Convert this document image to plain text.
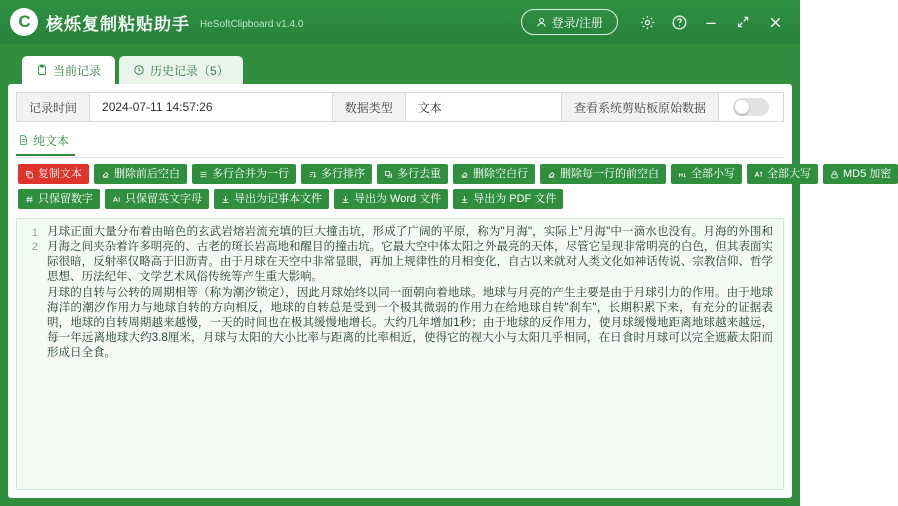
C 核烁复制粘贴助手 HeSoftClipboard v1.4.0	登录/注册
当前记录	历史记录（5）
记录时间	2024-07-11 14:57:26	数据类型	文本	查看系统剪贴板原始数据
纯文本
复制文本	删除前后空白	多行合并为一行	多行排序	多行去重	删除空白行	删除每一行的前空白	全部小写	全部大写	MD5 加密
只保留数字	只保留英文字母	导出为记事本文件	导出为 Word 文件	导出为 PDF 文件
1
2

月球正面大量分布着由暗色的玄武岩熔岩流充填的巨大撞击坑，形成了广阔的平原，称为"月海"，实际上"月海"中一滴水也没有。月海的外围和月海之间夹杂着许多明亮的、古老的斑长岩高地和醒目的撞击坑。它最大空中体太阳之外最亮的天体，尽管它呈现非常明亮的白色，但其表面实际很暗，反射率仅略高于旧沥青。由于月球在天空中非常显眼，再加上规律性的月相变化，自古以来就对人类文化如神话传说、宗教信仰、哲学思想、历法纪年、文学艺术风俗传统等产生重大影响。

月球的自转与公转的周期相等（称为潮汐锁定），因此月球始终以同一面朝向着地球。地球与月亮的产生主要是由于月球引力的作用。由于地球海洋的潮汐作用力与地球自转的方向相反，地球的自转总是受到一个极其微弱的作用力在给地球自转"刹车"，长期积累下来，有充分的证据表明，地球的自转周期越来越慢，一天的时间也在极其缓慢地增长。大约几年增加1秒；由于地球的反作用力，使月球缓慢地距离地球越来越远，每一年远离地球大约3.8厘米，月球与太阳的大小比率与距离的比率相近，使得它的视大小与太阳几乎相同，在日食时月球可以完全遮蔽太阳而形成日全食。
